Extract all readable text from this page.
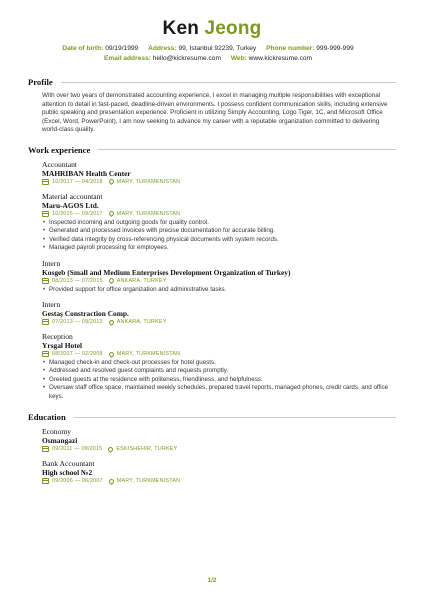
Ken Jeong
Date of birth: 09/19/1999 Address: 99, Istanbul 92239, Turkey Phone number: 999-999-999
Email address: hello@kickresume.com Web: www.kickresume.com
Profile

With over two years of demonstrated accounting experience, I excel in managing multiple responsibilities with exceptional attention to detail in fast-paced, deadline-driven environments. I possess confident communication skills, including extensive public speaking and presentation experience. Proficient in utilizing Simply Accounting, Logo Tiger, 1C, and Microsoft Office (Excel, Word, PowerPoint), I am now seeking to advance my career with a reputable organization committed to delivering world-class quality.

Work experience
Accountant
MAHRIBAN Health Center
10/2017 — 04/2018	MARY, TURKMENISTAN
Material accountant
Maru-AGOS Ltd.
10/2015 — 09/2017	MARY, TURKMENISTAN
• Inspected incoming and outgoing goods for quality control.
• Generated and processed invoices with precise documentation for accurate billing.
• Verified data integrity by cross-referencing physical documents with system records.
• Managed payroll processing for employees.
Intern
Kosgeb (Small and Medium Enterprises Development Organization of Turkey)
08/2013 — 07/2015	ANKARA, TURKEY
• Provided support for office organization and administrative tasks.
Intern
Gestaş Constraction Comp.
07/2013 — 09/2013	ANKARA, TURKEY
Reception
Yrsgal Hotel
08/2007 — 02/2009	MARY, TURKMENISTAN
• Managed check-in and check-out processes for hotel guests.
• Addressed and resolved guest complaints and requests promptly.
• Greeted guests at the residence with politeness, friendliness, and helpfulness.
• Oversaw staff office space, maintained weekly schedules, prepared travel reports, managed phones, credit cards, and office keys.
Education
Economy
Osmangazi
09/2011 — 09/2015	ESKISHEHIR, TURKEY
Bank Accountant
High school №2
09/2006 — 06/2007	MARY, TURKMENISTAN
1/2
